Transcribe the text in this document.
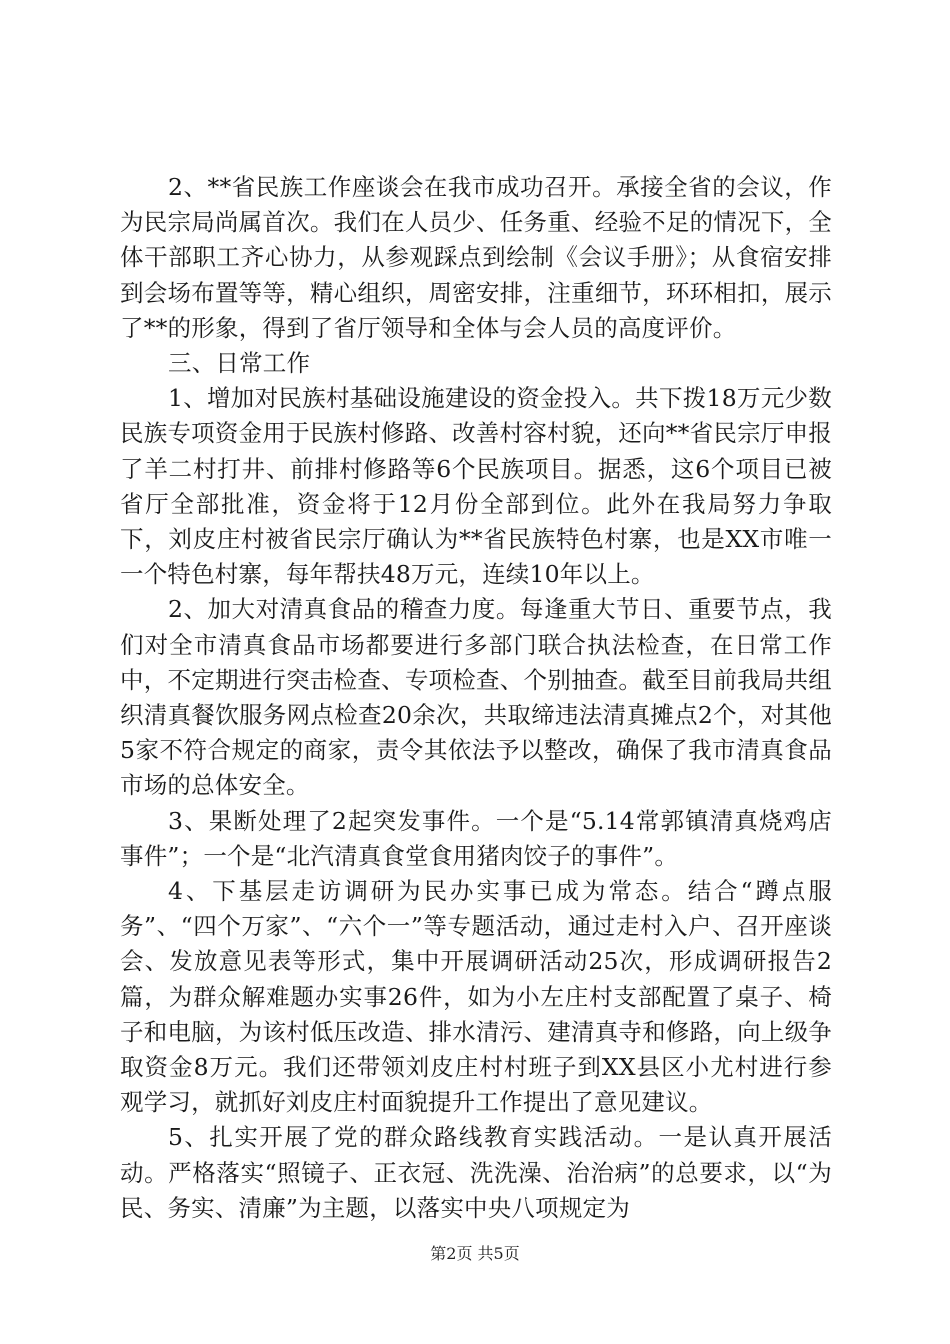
2、**省民族工作座谈会在我市成功召开。承接全省的会议，作为民宗局尚属首次。我们在人员少、任务重、经验不足的情况下，全体干部职工齐心协力，从参观踩点到绘制《会议手册》；从食宿安排到会场布置等等，精心组织，周密安排，注重细节，环环相扣，展示了**的形象，得到了省厅领导和全体与会人员的高度评价。

三、日常工作

1、增加对民族村基础设施建设的资金投入。共下拨18万元少数民族专项资金用于民族村修路、改善村容村貌，还向**省民宗厅申报了羊二村打井、前排村修路等6个民族项目。据悉，这6个项目已被省厅全部批准，资金将于12月份全部到位。此外在我局努力争取下，刘皮庄村被省民宗厅确认为**省民族特色村寨，也是XX市唯一一个特色村寨，每年帮扶48万元，连续10年以上。

2、加大对清真食品的稽查力度。每逢重大节日、重要节点，我们对全市清真食品市场都要进行多部门联合执法检查，在日常工作中，不定期进行突击检查、专项检查、个别抽查。截至目前我局共组织清真餐饮服务网点检查20余次，共取缔违法清真摊点2个，对其他5家不符合规定的商家，责令其依法予以整改，确保了我市清真食品市场的总体安全。

3、果断处理了2起突发事件。一个是“5.14常郭镇清真烧鸡店事件”；一个是“北汽清真食堂食用猪肉饺子的事件”。

4、下基层走访调研为民办实事已成为常态。结合“蹲点服务”、“四个万家”、“六个一”等专题活动，通过走村入户、召开座谈会、发放意见表等形式，集中开展调研活动25次，形成调研报告2篇，为群众解难题办实事26件，如为小左庄村支部配置了桌子、椅子和电脑，为该村低压改造、排水清污、建清真寺和修路，向上级争取资金8万元。我们还带领刘皮庄村村班子到XX县区小尤村进行参观学习，就抓好刘皮庄村面貌提升工作提出了意见建议。

5、扎实开展了党的群众路线教育实践活动。一是认真开展活动。严格落实“照镜子、正衣冠、洗洗澡、治治病”的总要求，以“为民、务实、清廉”为主题，以落实中央八项规定为

第2页 共5页
